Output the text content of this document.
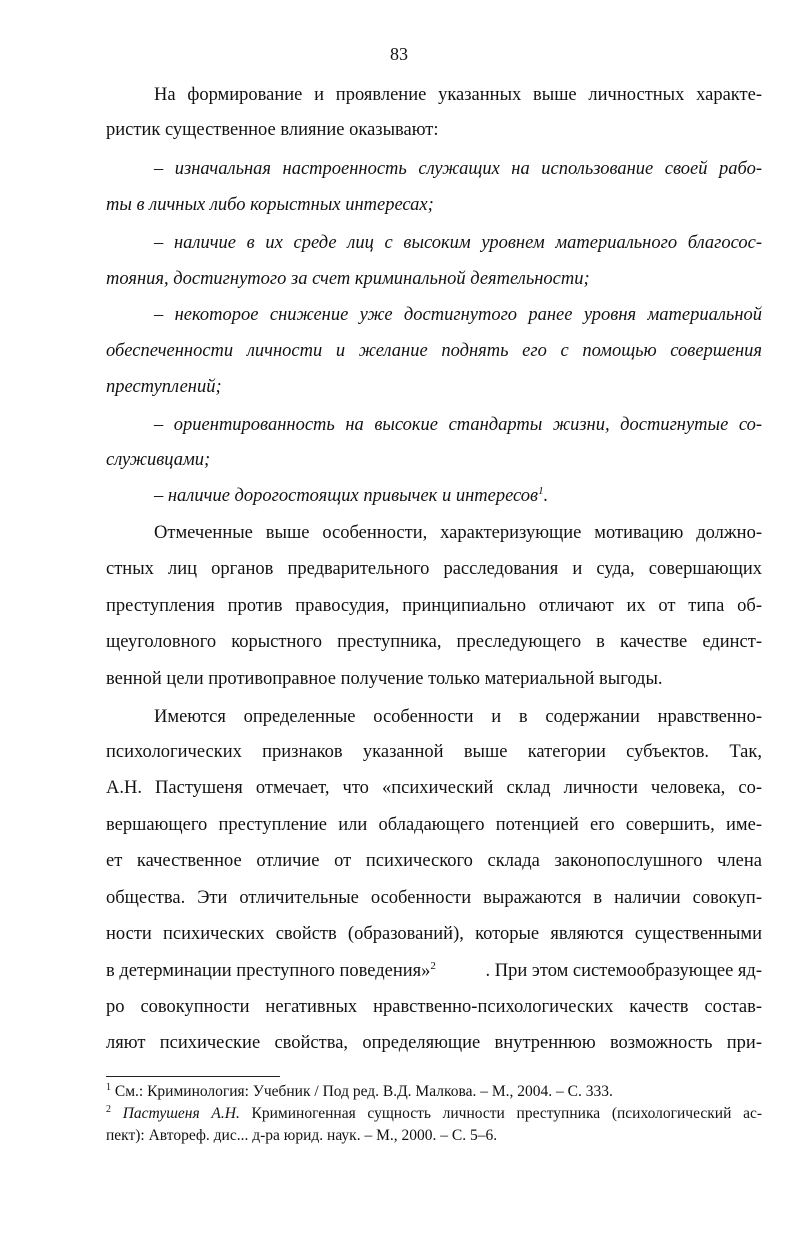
83
На формирование и проявление указанных выше личностных характе-
ристик существенное влияние оказывают:
– изначальная настроенность служащих на использование своей рабо-
ты в личных либо корыстных интересах;
– наличие в их среде лиц с высоким уровнем материального благосос-
тояния, достигнутого за счет криминальной деятельности;
– некоторое снижение уже достигнутого ранее уровня материальной
обеспеченности личности и желание поднять его с помощью совершения
преступлений;
– ориентированность на высокие стандарты жизни, достигнутые со-
служивцами;
– наличие дорогостоящих привычек и интересов$^1$.
Отмеченные выше особенности, характеризующие мотивацию должно-
стных лиц органов предварительного расследования и суда, совершающих
преступления против правосудия, принципиально отличают их от типа об-
щеуголовного корыстного преступника, преследующего в качестве единст-
венной цели противоправное получение только материальной выгоды.
Имеются определенные особенности и в содержании нравственно-
психологических признаков указанной выше категории субъектов. Так,
А.Н. Пастушеня отмечает, что «психический склад личности человека, со-
вершающего преступление или обладающего потенцией его совершить, име-
ет качественное отличие от психического склада законопослушного члена
общества. Эти отличительные особенности выражаются в наличии совокуп-
ности психических свойств (образований), которые являются существенными
в детерминации преступного поведения»$^2$	. При этом системообразующее яд-
ро совокупности негативных нравственно-психологических качеств состав-
ляют психические свойства, определяющие внутреннюю возможность при-
$^1$ См.: Криминология: Учебник / Под ред. В.Д. Малкова. – М., 2004. – С. 333.
$^2$ Пастушеня А.Н. Криминогенная сущность личности преступника (психологический ас-
пект): Автореф. дис... д-ра юрид. наук. – М., 2000. – С. 5–6.
